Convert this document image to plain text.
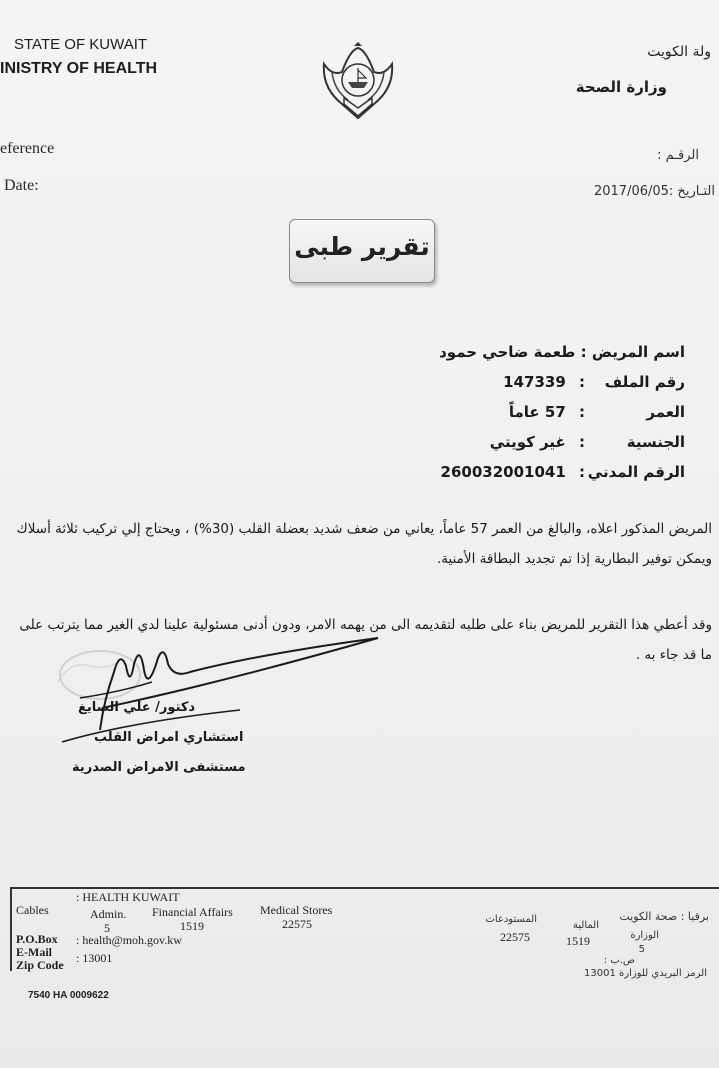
STATE OF KUWAIT
INISTRY OF HEALTH
ولة الكويت
وزارة الصحة
eference
Date:
الرقـم :
التـاريخ :2017/06/05
تقرير طبى
اسم المريض : طعمة ضاحي حمود
رقم الملف: 147339
العمر: 57 عاماً
الجنسية: غير كويتي
الرقم المدني: 260032001041
المريض المذكور اعلاه، والبالغ من العمر 57 عاماً، يعاني من ضعف شديد بعضلة القلب (30%) ، ويحتاج إلي تركيب ثلاثة أسلاك ويمكن توفير البطارية إذا تم تجديد البطاقة الأمنية.
وقد أعطي هذا التقرير للمريض بناء على طلبه لتقديمه الى من يهمه الامر، ودون أدنى مسئولية علينا لدي الغير مما يترتب على ما قد جاء به .
دكتور/ علي الصايغ
استشاري امراض القلب
مستشفى الامراض الصدرية
Cables
: HEALTH KUWAIT
Admin.
5
Financial Affairs
1519
Medical Stores
22575
P.O.Box
E-Mail
: health@moh.gov.kw
Zip Code : 13001
برقيا : صحة الكويت
الوزارة
5
المالية
1519
المستودعات
22575
ص.ب :
الرمز البريدي للوزارة 13001
7540 HA 0009622
